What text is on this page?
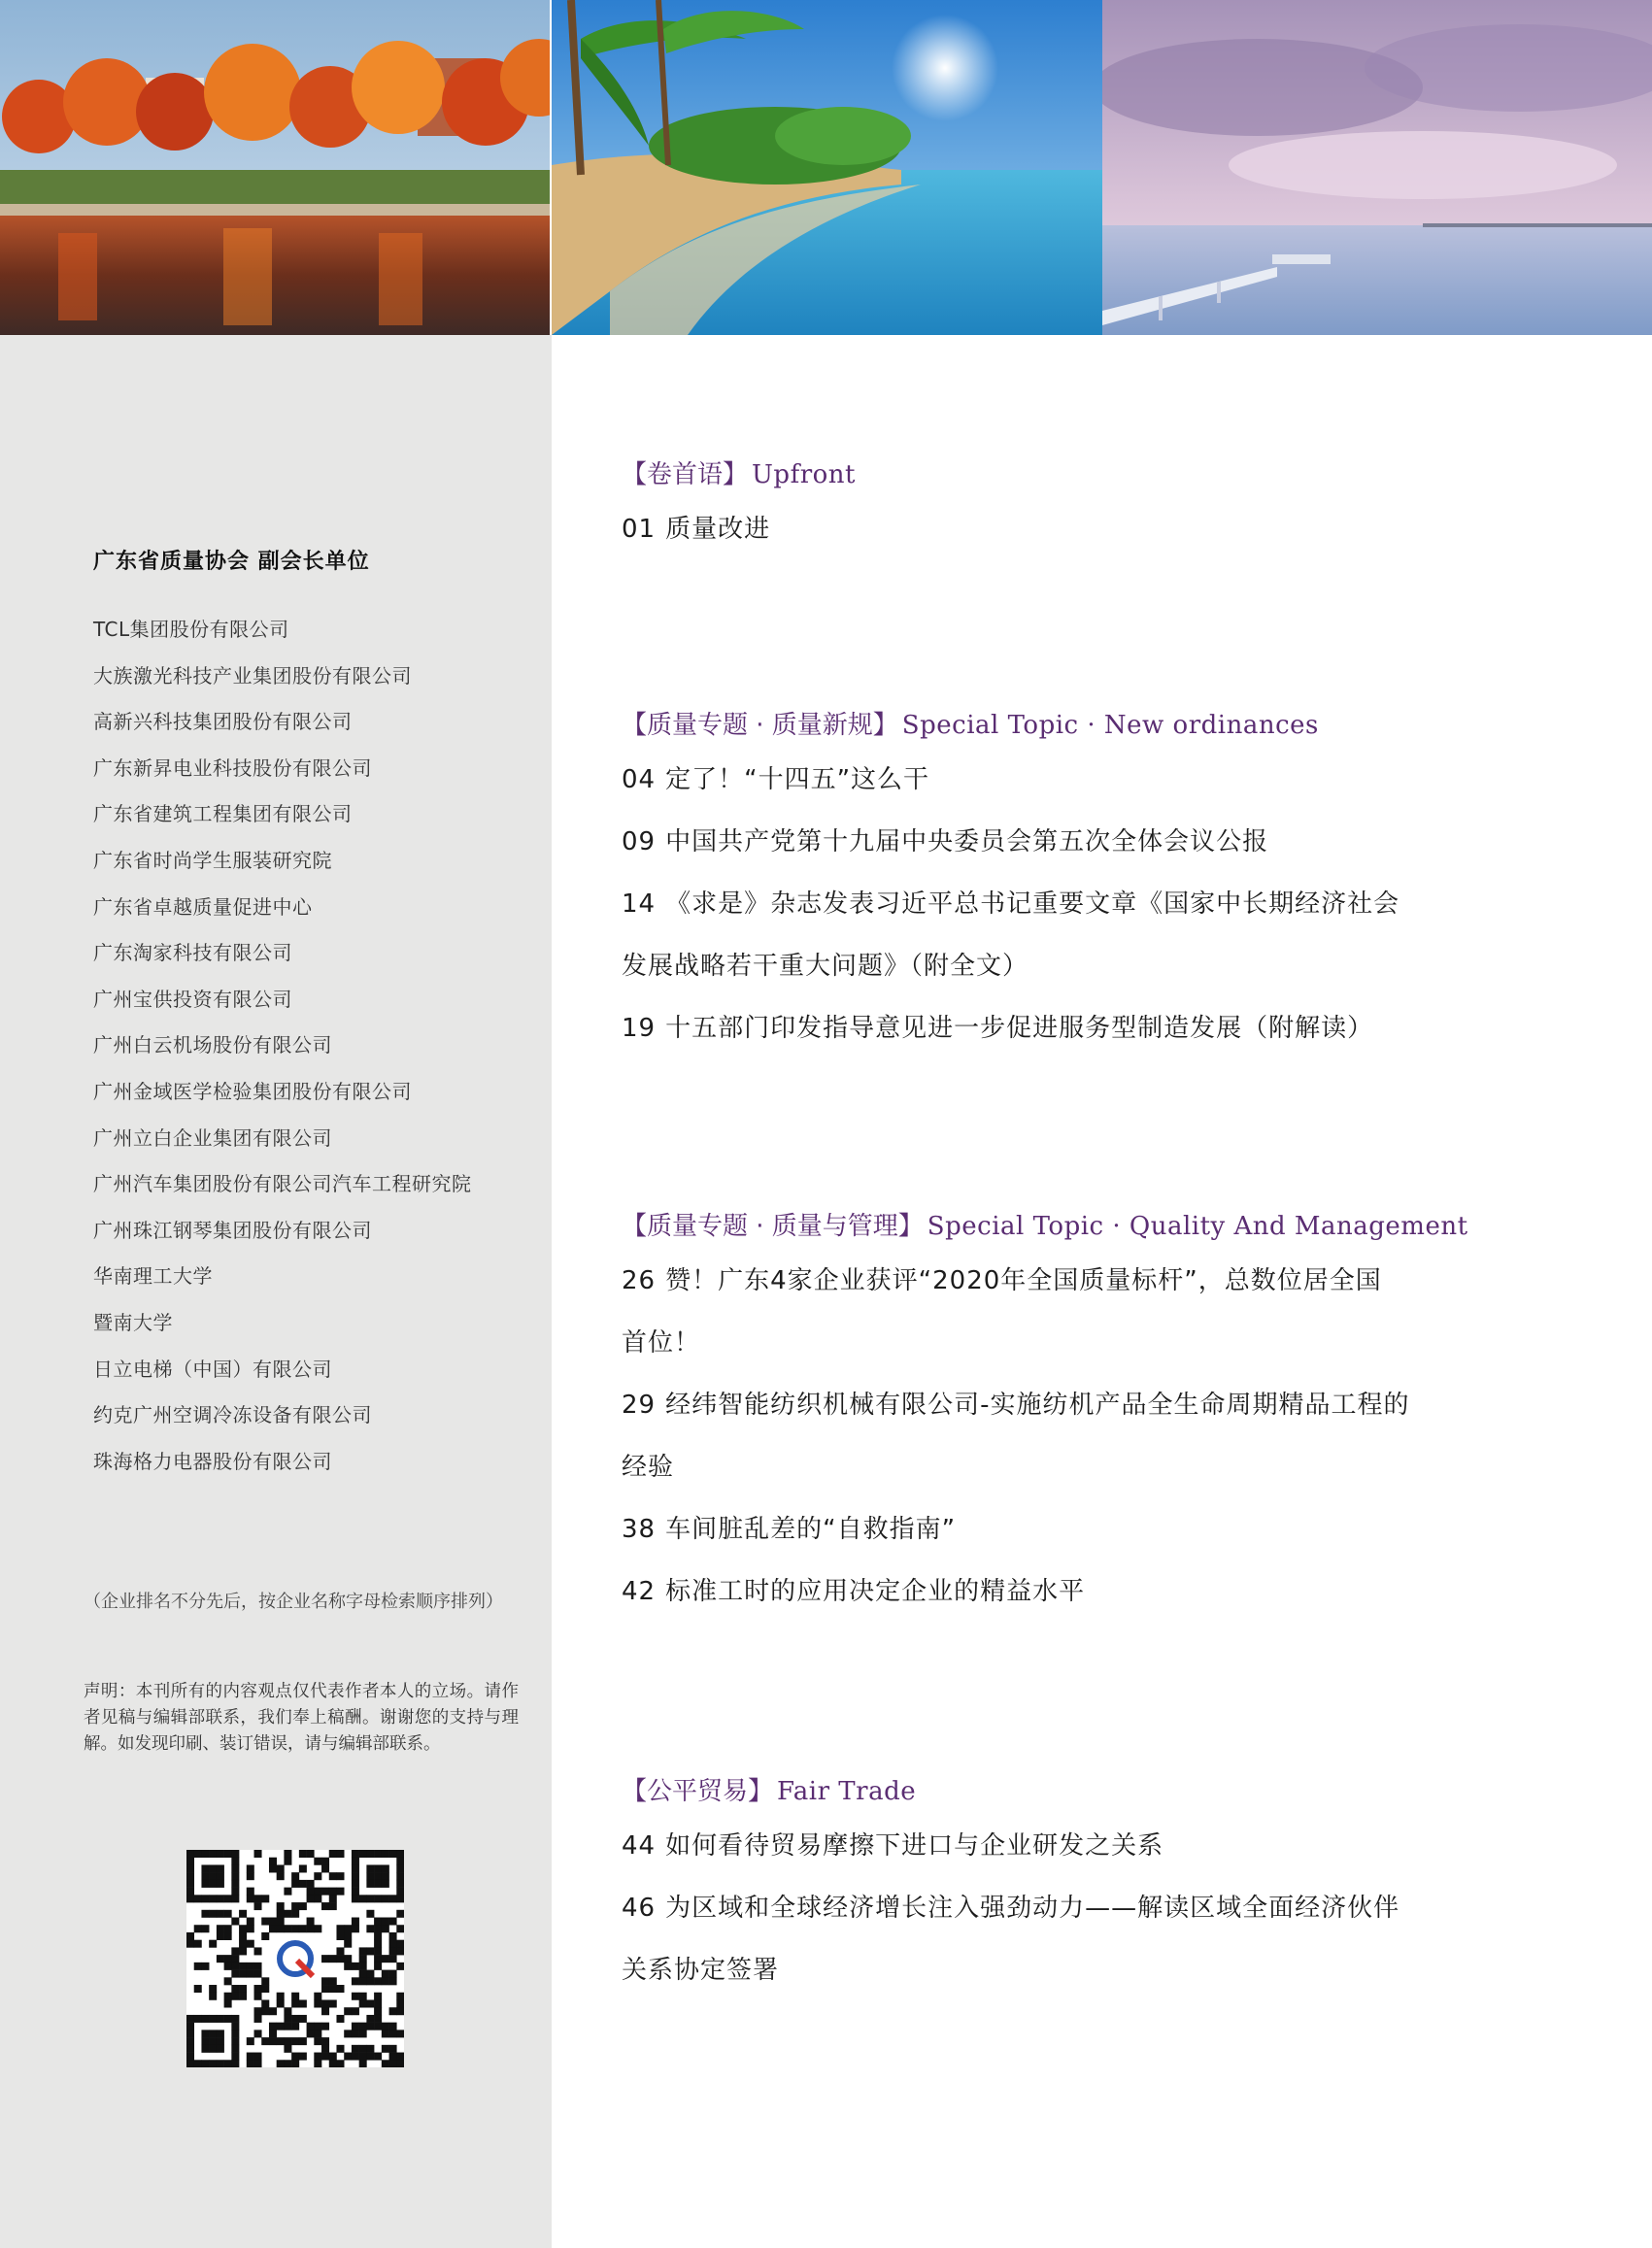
广东省质量协会 副会长单位
TCL集团股份有限公司
大族激光科技产业集团股份有限公司
高新兴科技集团股份有限公司
广东新昇电业科技股份有限公司
广东省建筑工程集团有限公司
广东省时尚学生服装研究院
广东省卓越质量促进中心
广东淘家科技有限公司
广州宝供投资有限公司
广州白云机场股份有限公司
广州金域医学检验集团股份有限公司
广州立白企业集团有限公司
广州汽车集团股份有限公司汽车工程研究院
广州珠江钢琴集团股份有限公司
华南理工大学
暨南大学
日立电梯（中国）有限公司
约克广州空调冷冻设备有限公司
珠海格力电器股份有限公司
（企业排名不分先后，按企业名称字母检索顺序排列）
声明：本刊所有的内容观点仅代表作者本人的立场。请作者见稿与编辑部联系，我们奉上稿酬。谢谢您的支持与理解。如发现印刷、装订错误，请与编辑部联系。
【卷首语】 Upfront
01 质量改进
【质量专题 · 质量新规】 Special Topic · New ordinances
04 定了！“十四五”这么干
09 中国共产党第十九届中央委员会第五次全体会议公报
14 《求是》杂志发表习近平总书记重要文章《国家中长期经济社会
发展战略若干重大问题》（附全文）
19 十五部门印发指导意见进一步促进服务型制造发展（附解读）
【质量专题 · 质量与管理】 Special Topic · Quality And Management
26 赞！广东4家企业获评“2020年全国质量标杆”，总数位居全国
首位！
29 经纬智能纺织机械有限公司-实施纺机产品全生命周期精品工程的
经验
38 车间脏乱差的“自救指南”
42 标准工时的应用决定企业的精益水平
【公平贸易】 Fair Trade
44 如何看待贸易摩擦下进口与企业研发之关系
46 为区域和全球经济增长注入强劲动力——解读区域全面经济伙伴
关系协定签署
